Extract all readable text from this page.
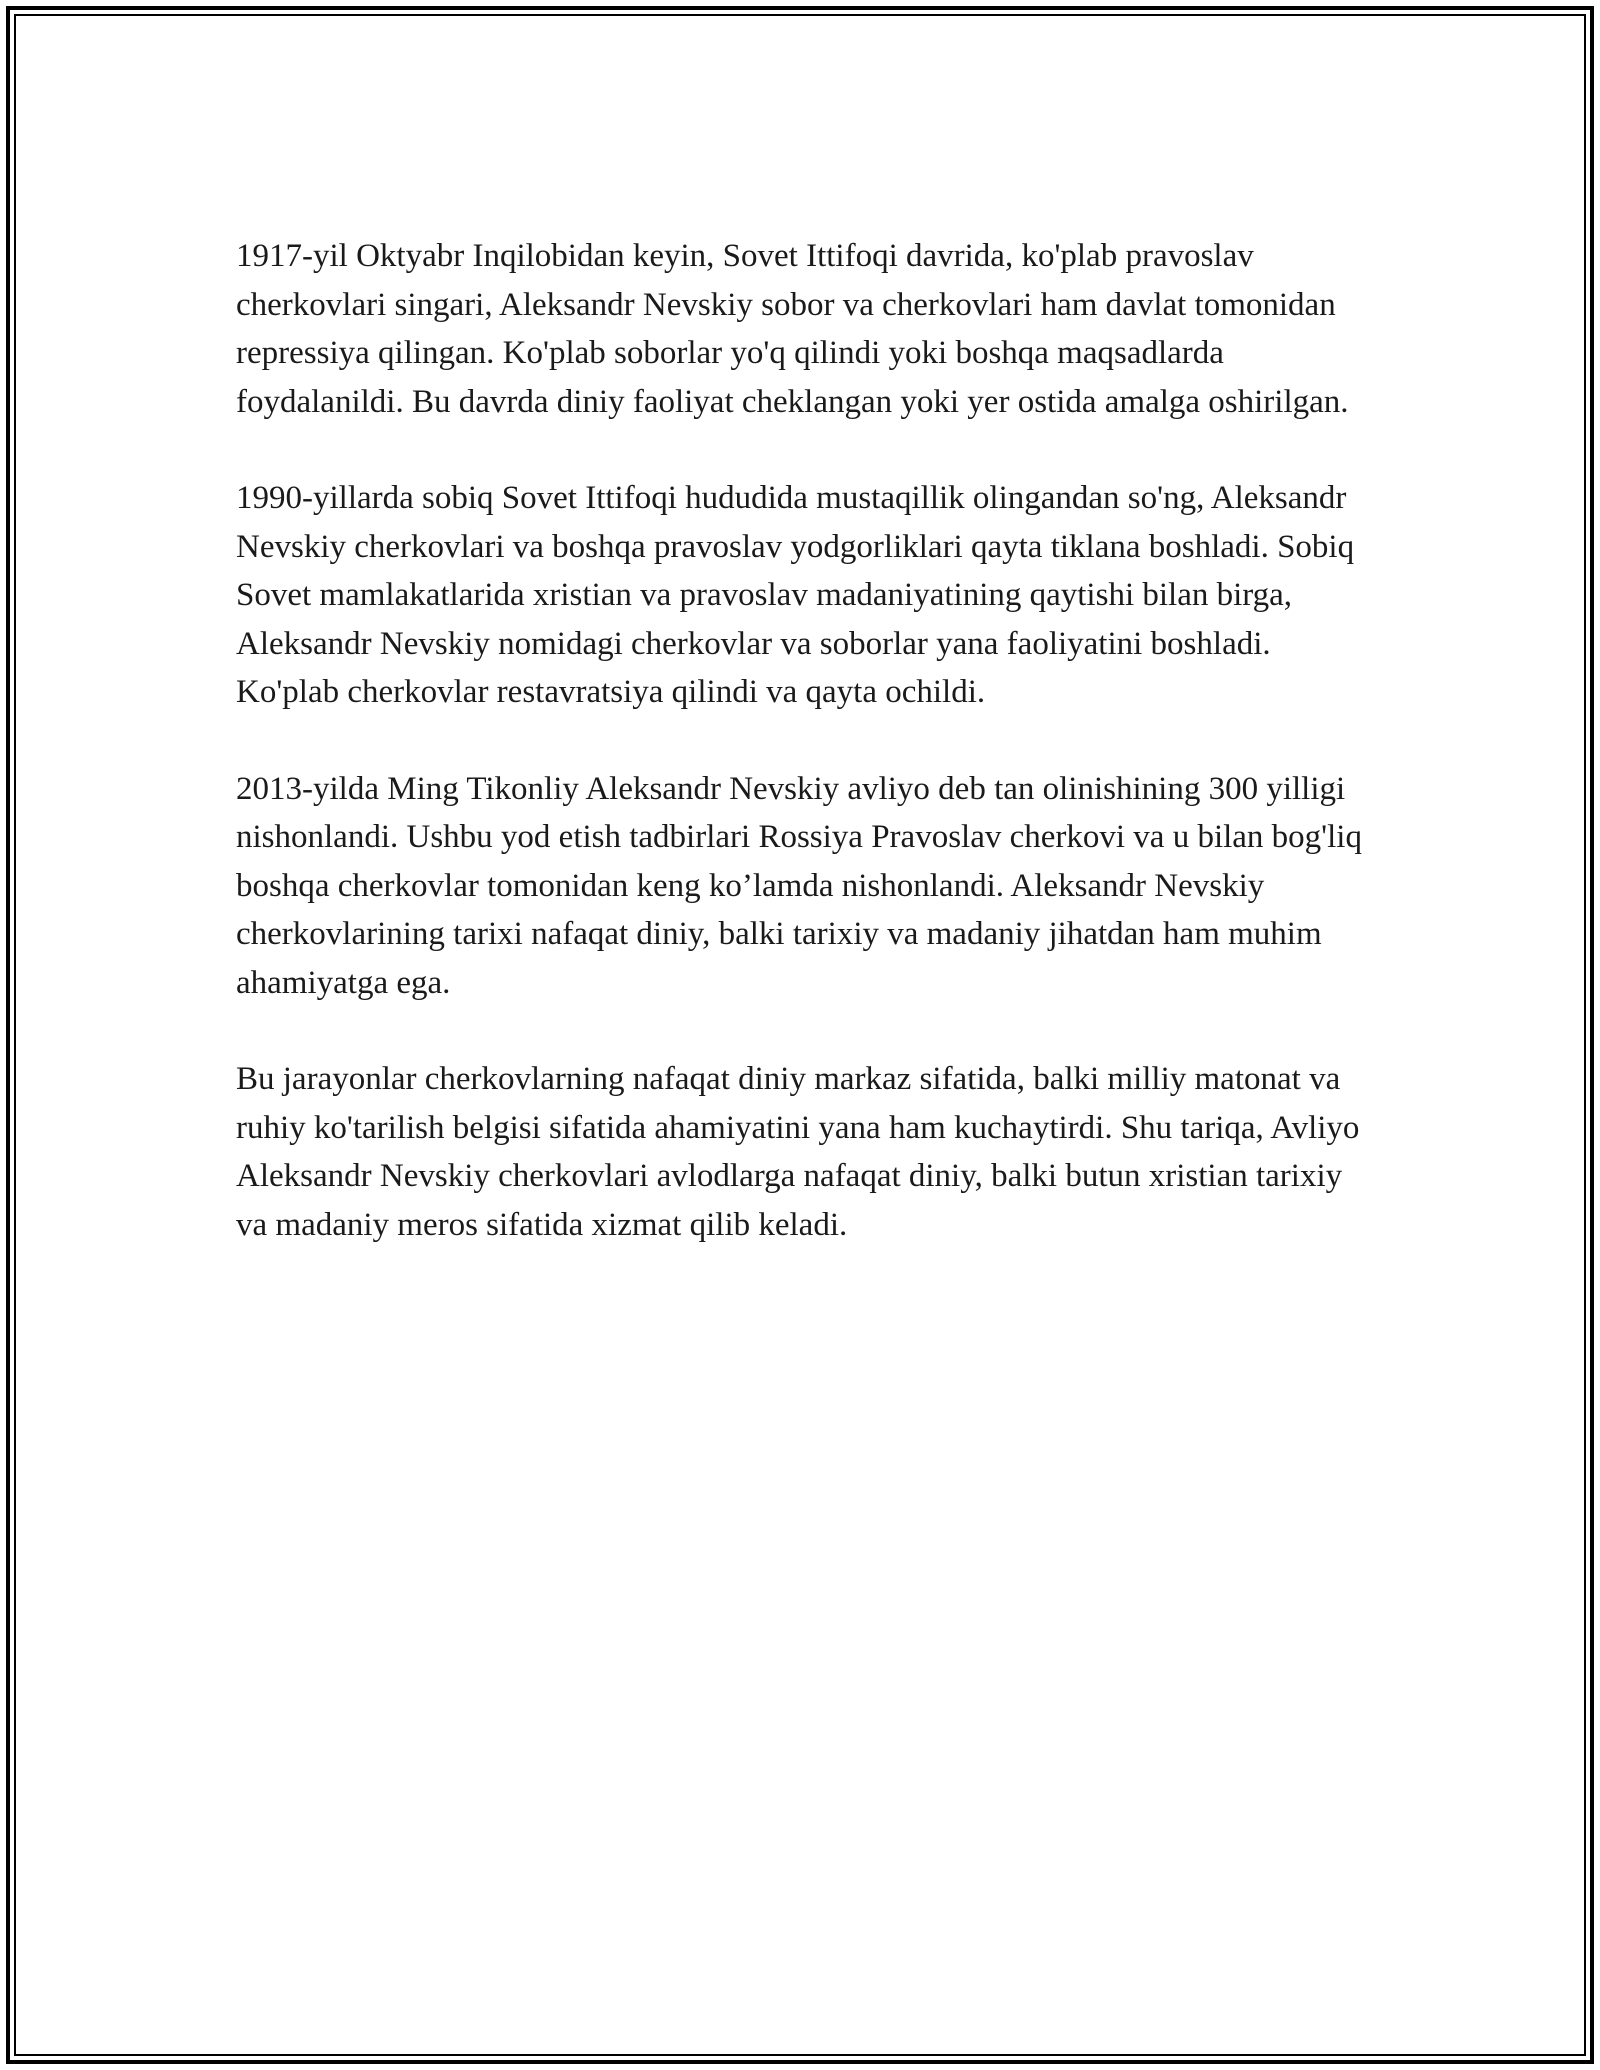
1917-yil Oktyabr Inqilobidan keyin, Sovet Ittifoqi davrida, ko'plab pravoslav cherkovlari singari, Aleksandr Nevskiy sobor va cherkovlari ham davlat tomonidan repressiya qilingan. Ko'plab soborlar yo'q qilindi yoki boshqa maqsadlarda foydalanildi. Bu davrda diniy faoliyat cheklangan yoki yer ostida amalga oshirilgan.

1990-yillarda sobiq Sovet Ittifoqi hududida mustaqillik olingandan so'ng, Aleksandr Nevskiy cherkovlari va boshqa pravoslav yodgorliklari qayta tiklana boshladi. Sobiq Sovet mamlakatlarida xristian va pravoslav madaniyatining qaytishi bilan birga, Aleksandr Nevskiy nomidagi cherkovlar va soborlar yana faoliyatini boshladi. Ko'plab cherkovlar restavratsiya qilindi va qayta ochildi.

2013-yilda Ming Tikonliy Aleksandr Nevskiy avliyo deb tan olinishining 300 yilligi nishonlandi. Ushbu yod etish tadbirlari Rossiya Pravoslav cherkovi va u bilan bog'liq boshqa cherkovlar tomonidan keng ko’lamda nishonlandi. Aleksandr Nevskiy cherkovlarining tarixi nafaqat diniy, balki tarixiy va madaniy jihatdan ham muhim ahamiyatga ega.

Bu jarayonlar cherkovlarning nafaqat diniy markaz sifatida, balki milliy matonat va ruhiy ko'tarilish belgisi sifatida ahamiyatini yana ham kuchaytirdi. Shu tariqa, Avliyo Aleksandr Nevskiy cherkovlari avlodlarga nafaqat diniy, balki butun xristian tarixiy va madaniy meros sifatida xizmat qilib keladi.
